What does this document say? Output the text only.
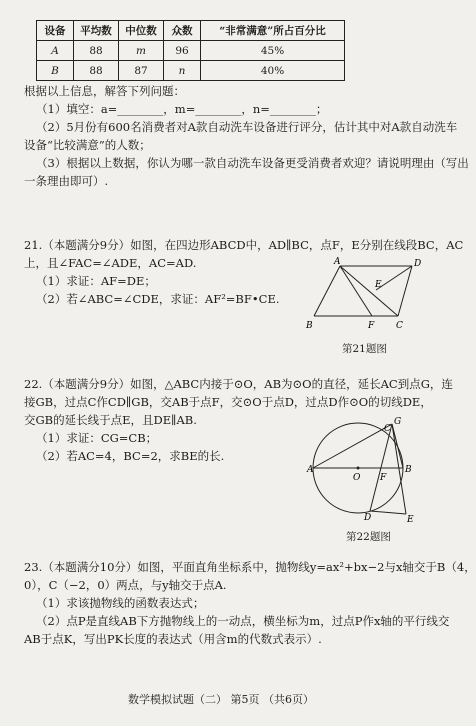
设备	平均数	中位数	众数	“非常满意”所占百分比
A	88	m	96	45%
B	88	87	n	40%
根据以上信息，解答下列问题：
（1）填空：a=________，m=________，n=________；
（2）5月份有600名消费者对A款自动洗车设备进行评分，估计其中对A款自动洗车
设备“比较满意”的人数；
（3）根据以上数据，你认为哪一款自动洗车设备更受消费者欢迎？请说明理由（写出
一条理由即可）.
21.（本题满分9分）如图，在四边形ABCD中，AD∥BC，点F，E分别在线段BC，AC
上，且∠FAC=∠ADE，AC=AD.
（1）求证：AF=DE；
（2）若∠ABC=∠CDE，求证：AF²=BF•CE.
A	D
E
B	F C
第21题图
22.（本题满分9分）如图，△ABC内接于⊙O，AB为⊙O的直径，延长AC到点G，连
接GB，过点C作CD∥GB，交AB于点F，交⊙O于点D，过点D作⊙O的切线DE，
交GB的延长线于点E，且DE∥AB.
（1）求证：CG=CB；
（2）若AC=4，BC=2，求BE的长.
G
C
A
O F
B
D	E
第22题图
23.（本题满分10分）如图，平面直角坐标系中，抛物线y=ax²+bx−2与x轴交于B（4，
0），C（−2，0）两点，与y轴交于点A.
（1）求该抛物线的函数表达式；
（2）点P是直线AB下方抛物线上的一动点，横坐标为m，过点P作x轴的平行线交
AB于点K，写出PK长度的表达式（用含m的代数式表示）.
数学模拟试题（二） 第5页 （共6页）
